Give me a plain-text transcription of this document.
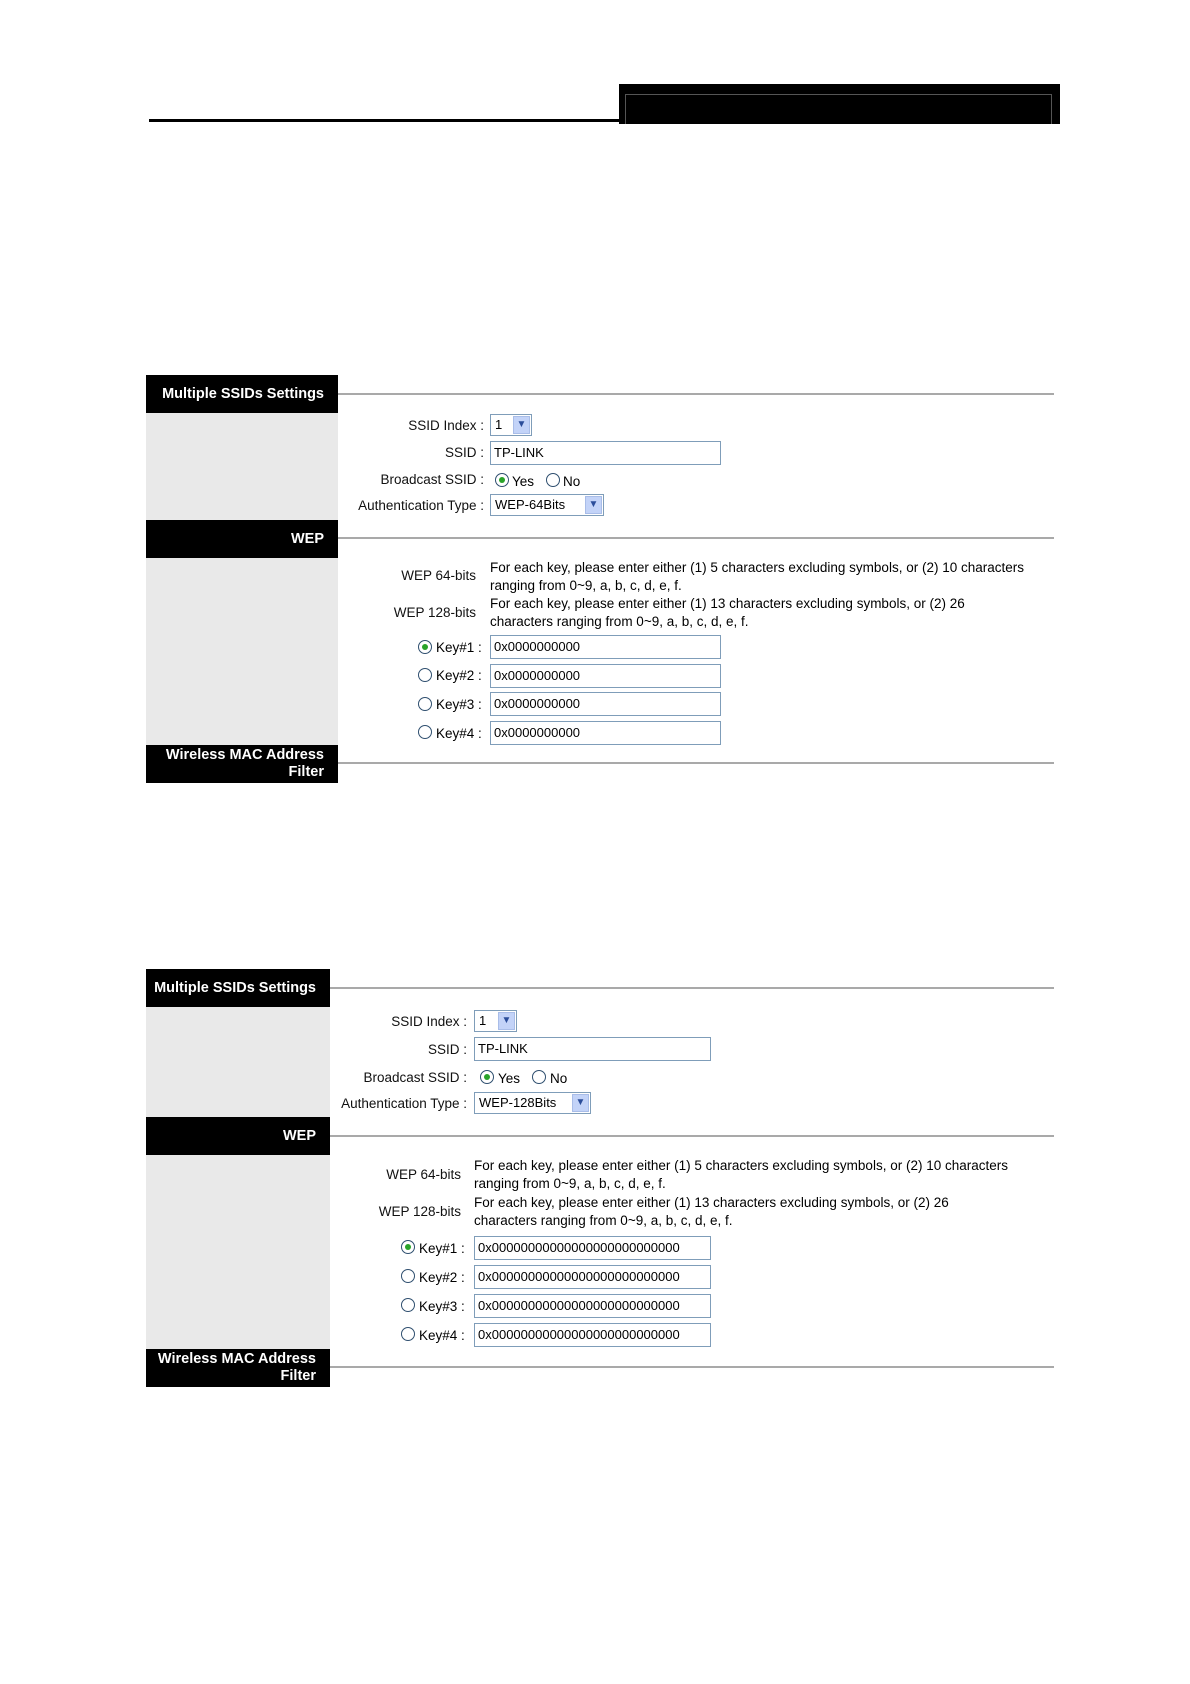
Multiple SSIDs Settings
SSID Index : 1	▼
SSID : TP-LINK
Broadcast SSID : Yes No
Authentication Type : WEP-64Bits	▼
WEP
WEP 64-bits
For each key, please enter either (1) 5 characters excluding symbols, or (2) 10 characters
ranging from 0~9, a, b, c, d, e, f.
WEP 128-bits
For each key, please enter either (1) 13 characters excluding symbols, or (2) 26
characters ranging from 0~9, a, b, c, d, e, f.
Key#1 : 0x0000000000
Key#2 : 0x0000000000
Key#3 : 0x0000000000
Key#4 : 0x0000000000
Wireless MAC Address
Filter
Multiple SSIDs Settings
SSID Index : 1	▼
SSID : TP-LINK
Broadcast SSID : Yes No
Authentication Type : WEP-128Bits	▼
WEP
WEP 64-bits
For each key, please enter either (1) 5 characters excluding symbols, or (2) 10 characters
ranging from 0~9, a, b, c, d, e, f.
WEP 128-bits
For each key, please enter either (1) 13 characters excluding symbols, or (2) 26
characters ranging from 0~9, a, b, c, d, e, f.
Key#1 :	0x00000000000000000000000000
Key#2 :	0x00000000000000000000000000
Key#3 :	0x00000000000000000000000000
Key#4 :	0x00000000000000000000000000
Wireless MAC Address
Filter
